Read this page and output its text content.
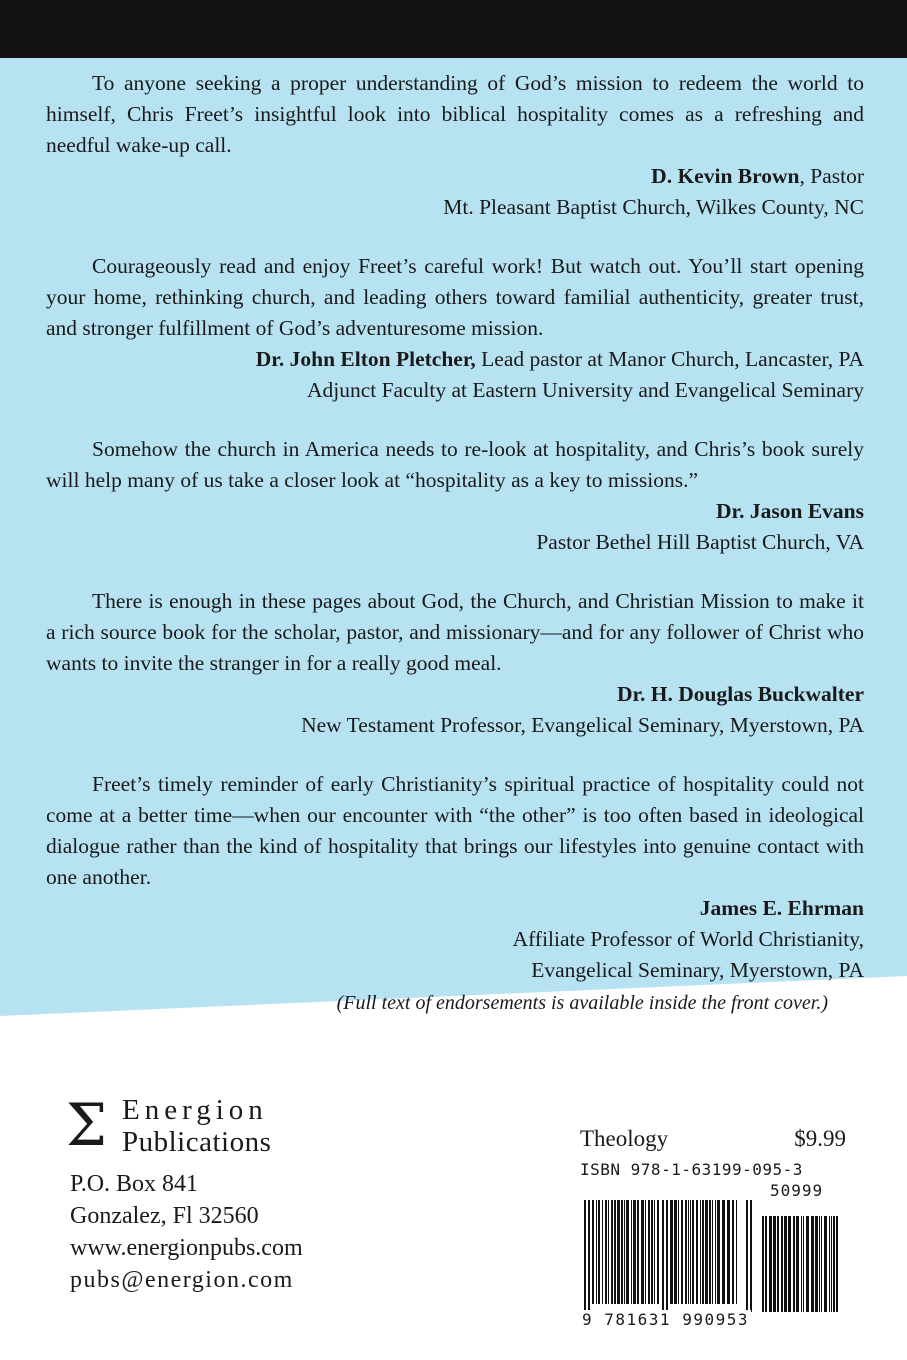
To anyone seeking a proper understanding of God’s mission to redeem the world to himself, Chris Freet’s insightful look into biblical hospitality comes as a refreshing and needful wake-up call.

D. Kevin Brown, Pastor
Mt. Pleasant Baptist Church, Wilkes County, NC

Courageously read and enjoy Freet’s careful work! But watch out. You’ll start opening your home, rethinking church, and leading others toward familial authenticity, greater trust, and stronger fulfillment of God’s adventuresome mission.

Dr. John Elton Pletcher, Lead pastor at Manor Church, Lancaster, PA
Adjunct Faculty at Eastern University and Evangelical Seminary

Somehow the church in America needs to re-look at hospitality, and Chris’s book surely will help many of us take a closer look at “hospitality as a key to missions.”

Dr. Jason Evans
Pastor Bethel Hill Baptist Church, VA

There is enough in these pages about God, the Church, and Christian Mission to make it a rich source book for the scholar, pastor, and missionary—and for any follower of Christ who wants to invite the stranger in for a really good meal.

Dr. H. Douglas Buckwalter
New Testament Professor, Evangelical Seminary, Myerstown, PA

Freet’s timely reminder of early Christianity’s spiritual practice of hospitality could not come at a better time—when our encounter with “the other” is too often based in ideological dialogue rather than the kind of hospitality that brings our lifestyles into genuine contact with one another.

James E. Ehrman
Affiliate Professor of World Christianity,
Evangelical Seminary, Myerstown, PA
(Full text of endorsements is available inside the front cover.)
Σ Energion
Publications
P.O. Box 841
Gonzalez, Fl 32560
www.energionpubs.com
pubs@energion.com
Theology	$9.99
ISBN 978-1-63199-095-3
50999
9 781631 990953
